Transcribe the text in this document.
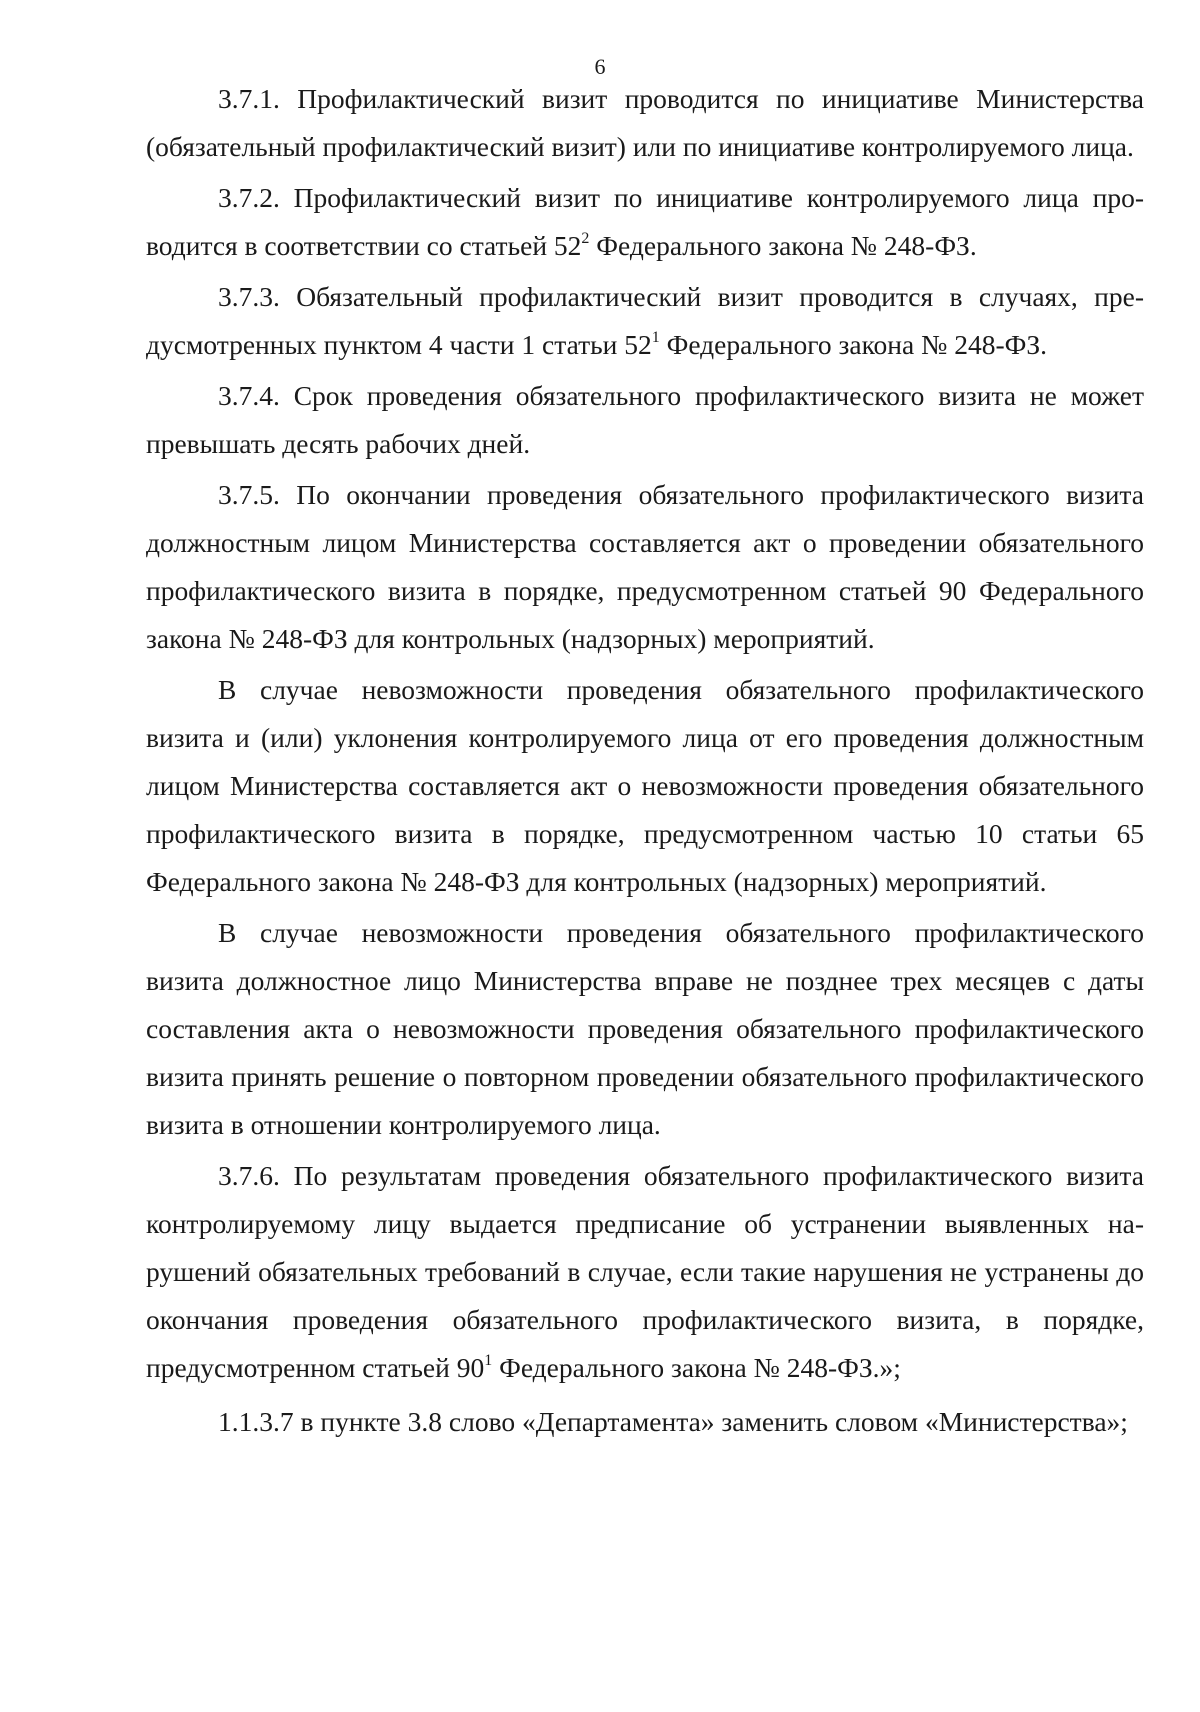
6

3.7.1. Профилактический визит проводится по инициативе Министерства (обязательный профилактический визит) или по инициативе контролируемого лица.

3.7.2. Профилактический визит по инициативе контролируемого лица проводится в соответствии со статьей $52^2$ Федерального закона № 248-ФЗ.

3.7.3. Обязательный профилактический визит проводится в случаях, предусмотренных пунктом 4 части 1 статьи $52^1$ Федерального закона № 248-ФЗ.

3.7.4. Срок проведения обязательного профилактического визита не может превышать десять рабочих дней.

3.7.5. По окончании проведения обязательного профилактического визита должностным лицом Министерства составляется акт о проведении обязательного профилактического визита в порядке, предусмотренном статьей 90 Федерального закона № 248-ФЗ для контрольных (надзорных) мероприятий.

В случае невозможности проведения обязательного профилактического визита и (или) уклонения контролируемого лица от его проведения должностным лицом Министерства составляется акт о невозможности проведения обязательного профилактического визита в порядке, предусмотренном частью 10 статьи 65 Федерального закона № 248-ФЗ для контрольных (надзорных) мероприятий.

В случае невозможности проведения обязательного профилактического визита должностное лицо Министерства вправе не позднее трех месяцев с даты составления акта о невозможности проведения обязательного профилактического визита принять решение о повторном проведении обязательного профилактического визита в отношении контролируемого лица.

3.7.6. По результатам проведения обязательного профилактического визита контролируемому лицу выдается предписание об устранении выявленных нарушений обязательных требований в случае, если такие нарушения не устранены до окончания проведения обязательного профилактического визита, в порядке, предусмотренном статьей $90^1$ Федерального закона № 248-ФЗ.»;

1.1.3.7 в пункте 3.8 слово «Департамента» заменить словом «Министерства»;
